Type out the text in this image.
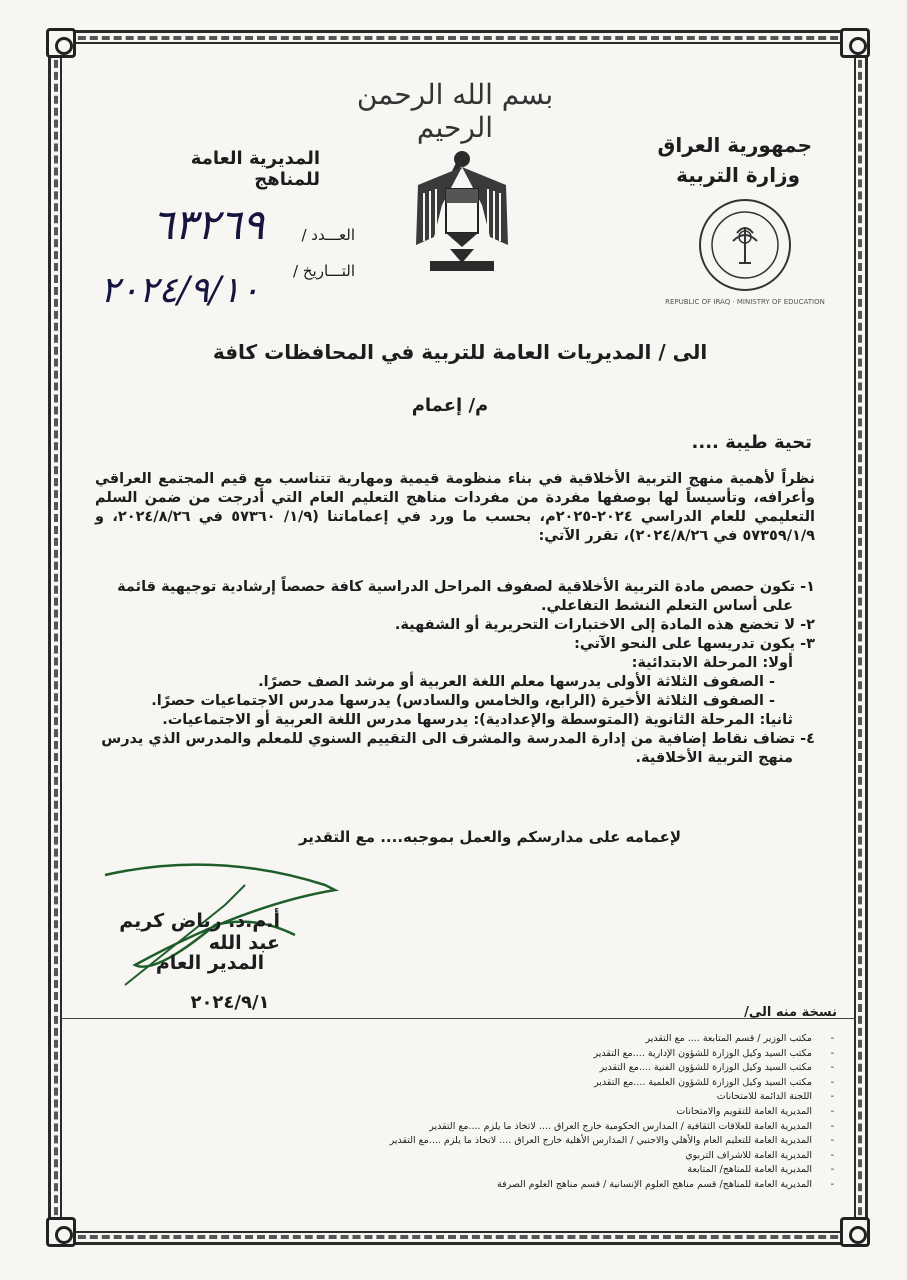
بسم الله الرحمن الرحيم
جمهورية العراق
وزارة التربية
المديرية العامة للمناهج
العـــدد /
التـــاريخ /
٦٣٢٦٩
٢٠٢٤/٩/١٠
الى / المديريات العامة للتربية في المحافظات كافة
م/ إعمام
تحية طيبة ....
نظراً لأهمية منهج التربية الأخلاقية في بناء منظومة قيمية ومهارية تتناسب مع قيم المجتمع العراقي وأعرافه، وتأسيساً لها بوصفها مفردة من مفردات مناهج التعليم العام التي أدرجت من ضمن السلم التعليمي للعام الدراسي ٢٠٢٤-٢٠٢٥م، بحسب ما ورد في إعماماتنا (١/٩/ ٥٧٣٦٠ في ٢٠٢٤/٨/٢٦، و ٥٧٣٥٩/١/٩ في ٢٠٢٤/٨/٢٦)، تقرر الآتي:
١- تكون حصص مادة التربية الأخلاقية لصفوف المراحل الدراسية كافة حصصاً إرشادية توجيهية قائمة
على أساس التعلم النشط التفاعلي.
٢- لا تخضع هذه المادة إلى الاختبارات التحريرية أو الشفهية.
٣- يكون تدريسها على النحو الآتي:
أولا: المرحلة الابتدائية:
- الصفوف الثلاثة الأولى يدرسها معلم اللغة العربية أو مرشد الصف حصرًا.
- الصفوف الثلاثة الأخيرة (الرابع، والخامس والسادس) يدرسها مدرس الاجتماعيات حصرًا.
ثانيا: المرحلة الثانوية (المتوسطة والإعدادية): يدرسها مدرس اللغة العربية أو الاجتماعيات.
٤- تضاف نقاط إضافية من إدارة المدرسة والمشرف الى التقييم السنوي للمعلم والمدرس الذي يدرس
منهج التربية الأخلاقية.
لإعمامه على مدارسكم والعمل بموجبه.... مع التقدير
أ.م.د. رياض كريم عبد الله
المدير العام
٢٠٢٤/٩/١	نسخة منه الى/
مكتب الوزير / قسم المتابعة .... مع التقدير -
مكتب السيد وكيل الوزارة للشؤون الإدارية ....مع التقدير -
مكتب السيد وكيل الوزارة للشؤون الفنية ....مع التقدير -
مكتب السيد وكيل الوزارة للشؤون العلمية ....مع التقدير -
اللجنة الدائمة للامتحانات -
المديرية العامة للتقويم والامتحانات -
المديرية العامة للعلاقات الثقافية / المدارس الحكومية خارج العراق .... لاتخاذ ما يلزم ....مع التقدير -
المديرية العامة للتعليم العام والأهلي والاجنبي / المدارس الأهلية خارج العراق .... لاتخاذ ما يلزم ....مع التقدير -
المديرية العامة للاشراف التربوي -
المديرية العامة للمناهج/ المتابعة -
المديرية العامة للمناهج/ قسم مناهج العلوم الإنسانية / قسم مناهج العلوم الصرفة -
REPUBLIC OF IRAQ · MINISTRY OF EDUCATION
